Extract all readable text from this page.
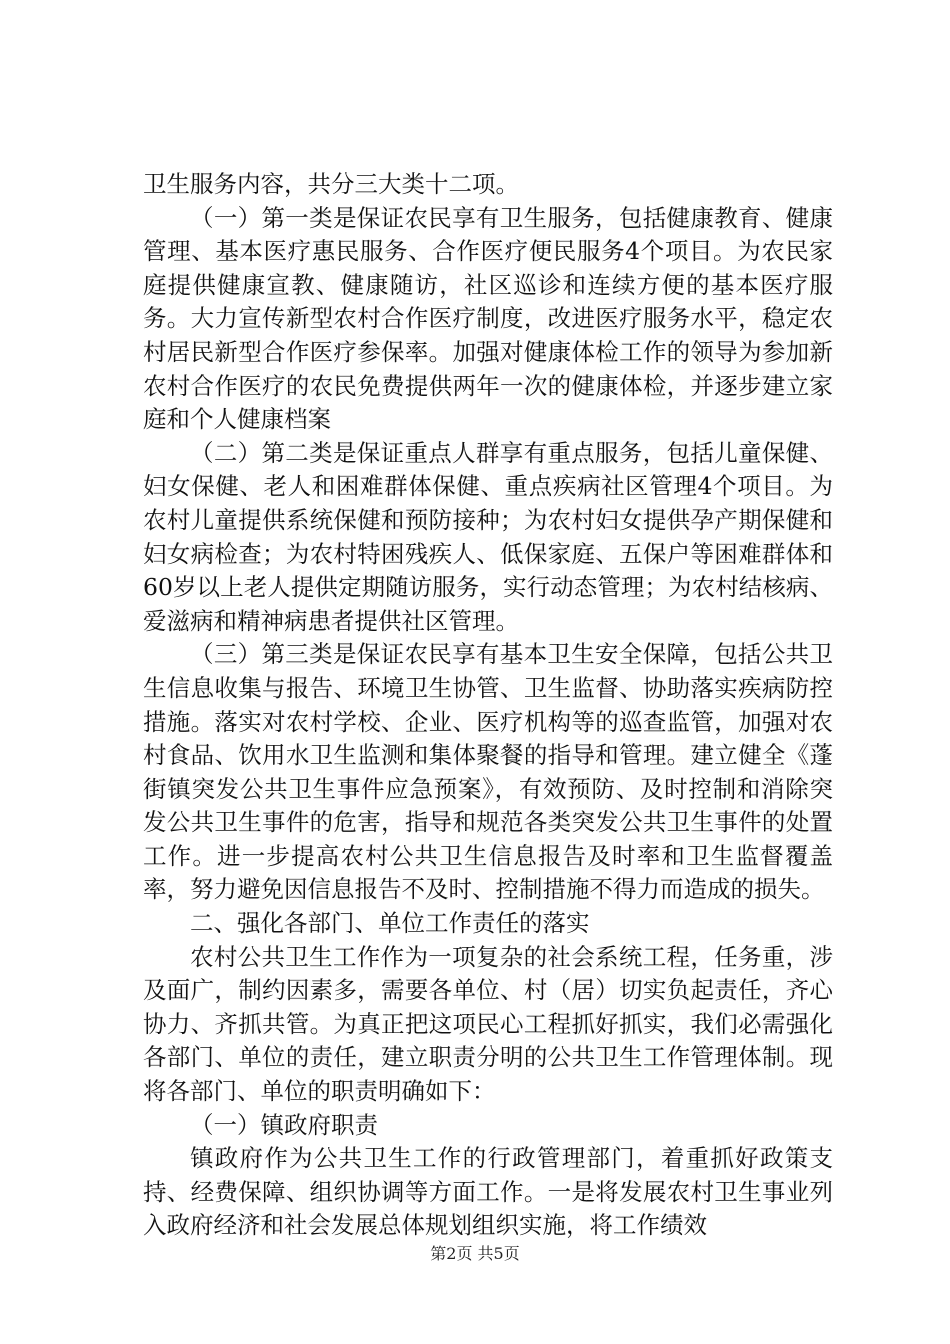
卫生服务内容，共分三大类十二项。

（一）第一类是保证农民享有卫生服务，包括健康教育、健康管理、基本医疗惠民服务、合作医疗便民服务4个项目。为农民家庭提供健康宣教、健康随访，社区巡诊和连续方便的基本医疗服务。大力宣传新型农村合作医疗制度，改进医疗服务水平，稳定农村居民新型合作医疗参保率。加强对健康体检工作的领导为参加新农村合作医疗的农民免费提供两年一次的健康体检，并逐步建立家庭和个人健康档案

（二）第二类是保证重点人群享有重点服务，包括儿童保健、妇女保健、老人和困难群体保健、重点疾病社区管理4个项目。为农村儿童提供系统保健和预防接种；为农村妇女提供孕产期保健和妇女病检查；为农村特困残疾人、低保家庭、五保户等困难群体和60岁以上老人提供定期随访服务，实行动态管理；为农村结核病、爱滋病和精神病患者提供社区管理。

（三）第三类是保证农民享有基本卫生安全保障，包括公共卫生信息收集与报告、环境卫生协管、卫生监督、协助落实疾病防控措施。落实对农村学校、企业、医疗机构等的巡查监管，加强对农村食品、饮用水卫生监测和集体聚餐的指导和管理。建立健全《蓬街镇突发公共卫生事件应急预案》，有效预防、及时控制和消除突发公共卫生事件的危害，指导和规范各类突发公共卫生事件的处置工作。进一步提高农村公共卫生信息报告及时率和卫生监督覆盖率，努力避免因信息报告不及时、控制措施不得力而造成的损失。

二、强化各部门、单位工作责任的落实

农村公共卫生工作作为一项复杂的社会系统工程，任务重，涉及面广，制约因素多，需要各单位、村（居）切实负起责任，齐心协力、齐抓共管。为真正把这项民心工程抓好抓实，我们必需强化各部门、单位的责任，建立职责分明的公共卫生工作管理体制。现将各部门、单位的职责明确如下：

（一）镇政府职责

镇政府作为公共卫生工作的行政管理部门，着重抓好政策支持、经费保障、组织协调等方面工作。一是将发展农村卫生事业列入政府经济和社会发展总体规划组织实施，将工作绩效

第2页 共5页
